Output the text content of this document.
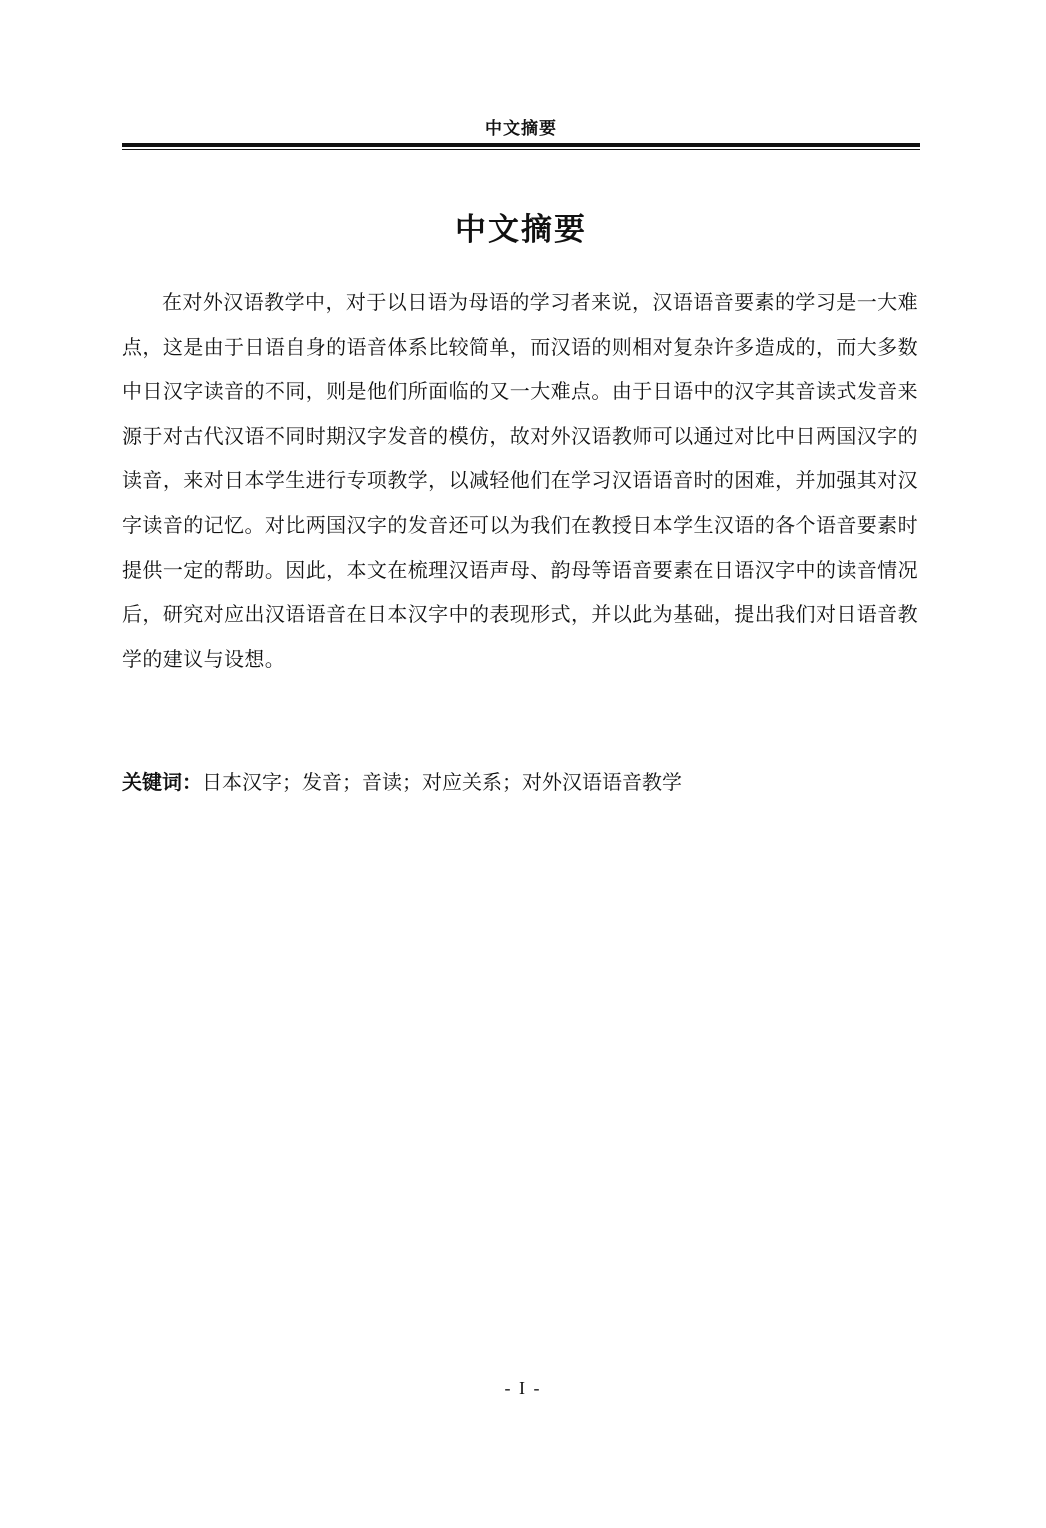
中文摘要
中文摘要

在对外汉语教学中，对于以日语为母语的学习者来说，汉语语音要素的学习是一大难点，这是由于日语自身的语音体系比较简单，而汉语的则相对复杂许多造成的，而大多数中日汉字读音的不同，则是他们所面临的又一大难点。由于日语中的汉字其音读式发音来源于对古代汉语不同时期汉字发音的模仿，故对外汉语教师可以通过对比中日两国汉字的读音，来对日本学生进行专项教学，以减轻他们在学习汉语语音时的困难，并加强其对汉字读音的记忆。对比两国汉字的发音还可以为我们在教授日本学生汉语的各个语音要素时提供一定的帮助。因此，本文在梳理汉语声母、韵母等语音要素在日语汉字中的读音情况后，研究对应出汉语语音在日本汉字中的表现形式，并以此为基础，提出我们对日语音教学的建议与设想。

关键词：日本汉字；发音；音读；对应关系；对外汉语语音教学
- I -
